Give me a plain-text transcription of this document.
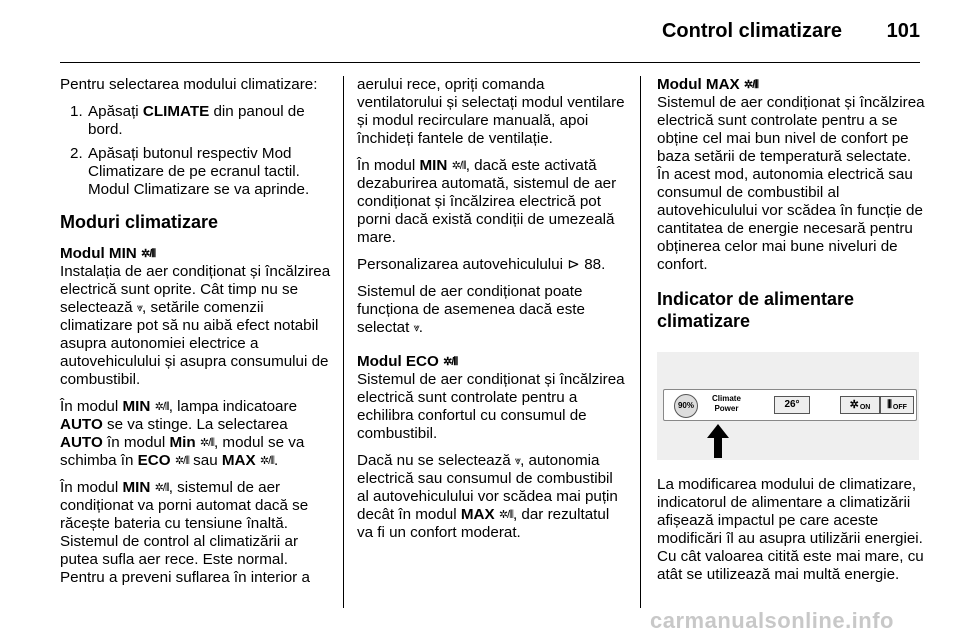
Control climatizare 101

Pentru selectarea modului climatizare:

1. Apăsați CLIMATE din panoul de bord.
2. Apăsați butonul respectiv Mod Climatizare de pe ecranul tactil. Modul Climatizare se va aprinde.
Moduri climatizare
Modul MIN ✲/⦀

Instalația de aer condiționat și încălzirea electrică sunt oprite. Cât timp nu se selectează ⩔, setările comenzii climatizare pot să nu aibă efect notabil asupra autonomiei electrice a autovehiculului și asupra consumului de combustibil.

În modul MIN ✲/⦀, lampa indicatoare AUTO se va stinge. La selectarea AUTO în modul Min ✲/⦀, modul se va schimba în ECO ✲/⦀ sau MAX ✲/⦀.

În modul MIN ✲/⦀, sistemul de aer condiționat va porni automat dacă se răcește bateria cu tensiune înaltă. Sistemul de control al climatizării ar putea sufla aer rece. Este normal. Pentru a preveni suflarea în interior a

aerului rece, opriți comanda ventilatorului și selectați modul ventilare și modul recirculare manuală, apoi închideți fantele de ventilație.

În modul MIN ✲/⦀, dacă este activată dezaburirea automată, sistemul de aer condiționat și încălzirea electrică pot porni dacă există condiții de umezeală mare.

Personalizarea autovehiculului ⊳ 88.

Sistemul de aer condiționat poate funcționa de asemenea dacă este selectat ⩔.

Modul ECO ✲/⦀

Sistemul de aer condiționat și încălzirea electrică sunt controlate pentru a echilibra confortul cu consumul de combustibil.

Dacă nu se selectează ⩔, autonomia electrică sau consumul de combustibil al autovehiculului vor scădea mai puțin decât în modul MAX ✲/⦀, dar rezultatul va fi un confort moderat.

Modul MAX ✲/⦀

Sistemul de aer condiționat și încălzirea electrică sunt controlate pentru a se obține cel mai bun nivel de confort pe baza setării de temperatură selectate. În acest mod, autonomia electrică sau consumul de combustibil al autovehiculului vor scădea în funcție de cantitatea de energie necesară pentru obținerea celor mai bune niveluri de confort.

Indicator de alimentare climatizare
90%
Climate
Power	26°	✲ ON	⦀ OFF

La modificarea modului de climatizare, indicatorul de alimentare a climatizării afișează impactul pe care aceste modificări îl au asupra utilizării energiei. Cu cât valoarea citită este mai mare, cu atât se utilizează mai multă energie.

carmanualsonline.info
